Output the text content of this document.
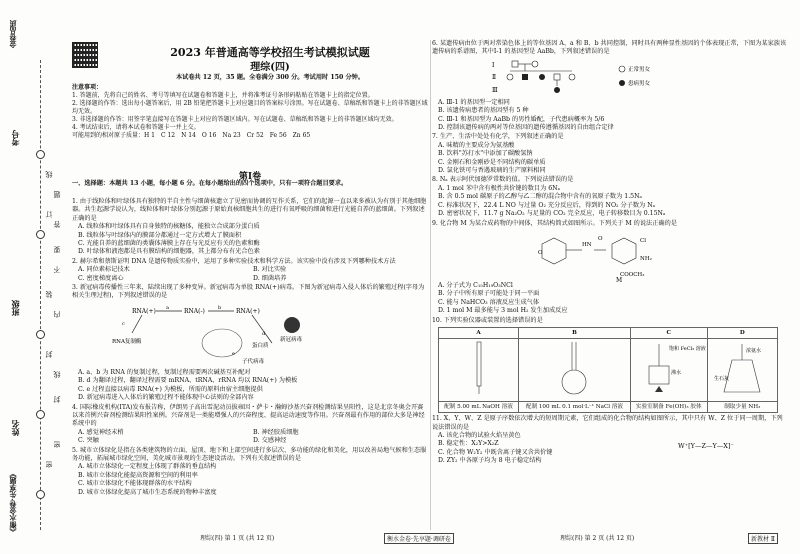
金卷品质
考号
班级
姓名
线
订
装
封
密
题
答
要
不
内
线
封
密
《衡水金卷·先享题》
2023 年普通高等学校招生考试模拟试题
理综(四)
本试卷共 12 页，35 题。全卷满分 300 分。考试用时 150 分钟。
注意事项：
1. 答题前，先将自己的姓名、考号等填写在试题卷和答题卡上，并将准考证号条形码粘贴在答题卡上的指定位置。
2. 选择题的作答：选出每小题答案后，用 2B 铅笔把答题卡上对应题目的答案标号涂黑。写在试题卷、草稿纸和答题卡上的非答题区域均无效。
3. 非选择题的作答：用签字笔直接写在答题卡上对应的答题区域内。写在试题卷、草稿纸和答题卡上的非答题区域均无效。
4. 考试结束后，请将本试卷和答题卡一并上交。
可能用到的相对原子质量：H 1　C 12　N 14　O 16　Na 23　Cr 52　Fe 56　Zn 65
第Ⅰ卷
一、选择题：本题共 13 小题，每小题 6 分。在每小题给出的四个选项中，只有一项符合题目要求。
1. 由于线粒体和叶绿体具有独特的半自主性与细菌核遗立了见密而协调的互作关系，它们的起源一直以来多被认为有别于其他细胞器。共生起源学说认为，线粒体和叶绿体分别起源于原始真核细胞共生的进行有氧呼吸的细菌和进行光能自养的蓝细菌。下列叙述正确的是
A. 线粒体和叶绿体具有自身独特的核糖体，能独立合成部分蛋白质
B. 线粒体与叶绿体内的膜部分都通过一定方式增大了膜面积
C. 光能自养的蓝细菌的类囊体薄膜上存在与光反应有关的色素和酶
D. 叶绿体和液泡都是具有膜结构的细胞器，其上都分布有光合色素
2. 赫尔希和蔡斯证明 DNA 是遗传物质实验中，运用了多种实验技术和科学方法。该实验中没有涉及下列哪种技术方法
A. 同位素标记技术	B. 对比实验
C. 密度梯度离心	D. 细菌培养
3. 新冠病毒传播性三年来，陆续出现了多种变异。新冠病毒为单股 RNA(+)病毒。下图为新冠病毒入侵人体后的繁殖过程(字母为相关生理过程)，下列叙述错误的是
RNA(+) a	RNA(-)	b RNA(+)
c
RNA复制酶	新冠病毒
蛋白质
d
子代病毒
e
A. a、b 为 RNA 的复制过程，复制过程需要两次碱基互补配对
B. d 为翻译过程，翻译过程需要 mRNA、tRNA、rRNA 均以 RNA(+) 为模板
C. e 过程直接以病毒 RNA(+) 为模板，所需的原料由宿主细胞提供
D. 新冠病毒进入人体后的繁殖过程不能体现中心法则的全部内容
4. 国际橡皮机构(ITA)发布报告称，伊朗男子高出雪泥动员拔雍因・萨卡・瀚姆沙基兴奋剂检测结果呈阳性，这是北京冬奥会开赛以来首例兴奋剂检测结果阳性案例。兴奋剂是一类能增强人的兴奋程度、提高运动速度等作用。兴奋剂最有作用的部位大多是神经系统中的
A. 感觉神经末梢	B. 神经胶质细胞
C. 突触	D. 交感神经
5. 城市立体绿化是指在各类建筑物的立面、屋顶、地下和上部空间进行多层次、多功能的绿化和美化，用以改善局地气候和生态服务功能，拓展城市绿化空间，美化城市景观的生态建设活动。下列有关叙述错误的是
A. 城市立体绿化一定程度上体现了群落的垂直结构
B. 城市立体绿化能提高资源和空间的利用率
C. 城市立体绿化不能体现群落的水平结构
D. 城市立体绿化提高了城市生态系统的物种丰富度
6. 某遗传病由位于两对常染色体上的等位基因 A、a 和 B、b 共同控制，同时具有两种显性基因的个体表现正常，下图为某家族该遗传病的系谱图，其中Ⅰ-1 的基因型是 AaBb，下列叙述错误的是
Ⅰ
Ⅱ
Ⅲ
正常男女
患病男女
A. Ⅲ-1 的基因型一定相同
B. 该遗传病患者的基因型有 5 种
C. Ⅲ-1 和基因型为 AaBb 的男性婚配，子代患病概率为 5/6
D. 控制该遗传病的两对等位基因的遗传遵循基因的自由组合定律
7. 生产、生活中处处有化学，下列叙述正确的是
A. 味精的主要成分为氨基酸
B. 饮料"苏打水"中添加了碳酸氢钠
C. 金刚石和金刚砂是不同结构的碳单质
D. 氯化铁可与香遇玻璃的生产原料相同
8. Nₐ 表示阿伏加德罗常数的值。下列说法错误的是
A. 1 mol 苯中含有极性共价键的数目为 6Nₐ
B. 含 0.5 mol 碳原子的乙醇与乙二醇的混合物中含有的氧原子数为 1.5Nₐ
C. 标准状况下，22.4 L NO 与过量 O₂ 充分反应后，得到的 NO₂ 分子数为 Nₐ
D. 密密状况下，11.7 g Na₂O₂ 与足量的 CO₂ 完全反应，电子转移数目为 0.15Nₐ
9. 化合物 M 为某合成药物的中间体，其结构简式如图所示。下列关于 M 的说法正确的是
O
HN
O
COOCH₃
Cl
NH₂
M
A. 分子式为 C₁₅H₁₉O₃NCl
B. 分子中所有原子可能处于同一平面
C. 能与 NaHCO₃ 溶液反应生成气体
D. 1 mol M 最多能与 3 mol H₂ 发生加成反应
10. 下列实验仪器或装置的选择错误的是
A	B	C	D

饱和 FeCl₃ 溶液
沸水	浓氨水
生石灰

配制 5.00 mL NaOH 溶液	配制 100 mL 0.1 mol·L⁻¹ NaCl 溶液	实验室制备 Fe(OH)₃ 胶体	制取少量 NH₃
11. X、Y、W、Z 是原子序数依次增大的短周期元素，它们组成的化合物的结构如图所示，其中只有 W、Z 位于同一周期，下列说法错误的是
A. 该化合物的试验火焰呈黄色
B. 稳定性：X₂Y>X₂Z
C. 化合物 W₂Y₂ 中既含离子键又含共价键
D. ZY₂ 中各原子均为 8 电子稳定结构
W⁺[Y—Z—Y—X]⁻
理综(四) 第 1 页 (共 12 页)	衡水金卷·先享题·调研卷	理综(四) 第 2 页 (共 12 页)	新教材 Ⅱ
